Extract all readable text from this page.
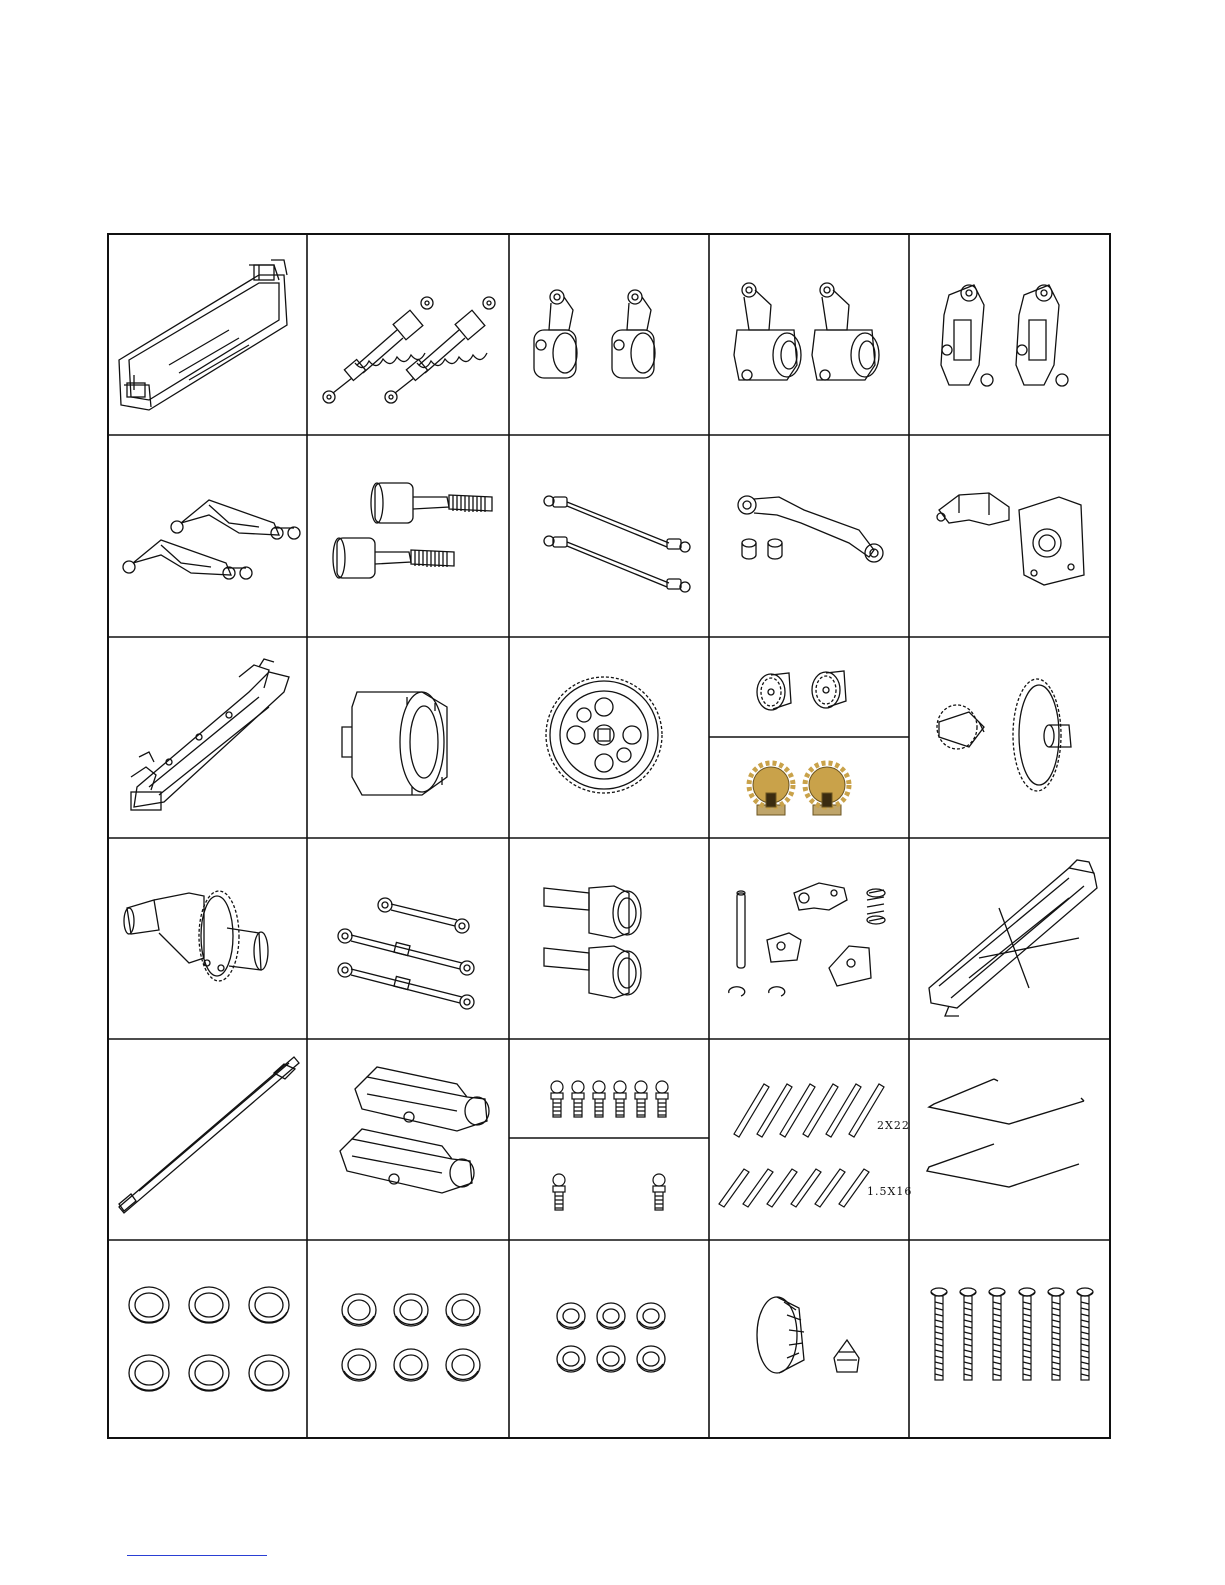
2X22
1.5X16
